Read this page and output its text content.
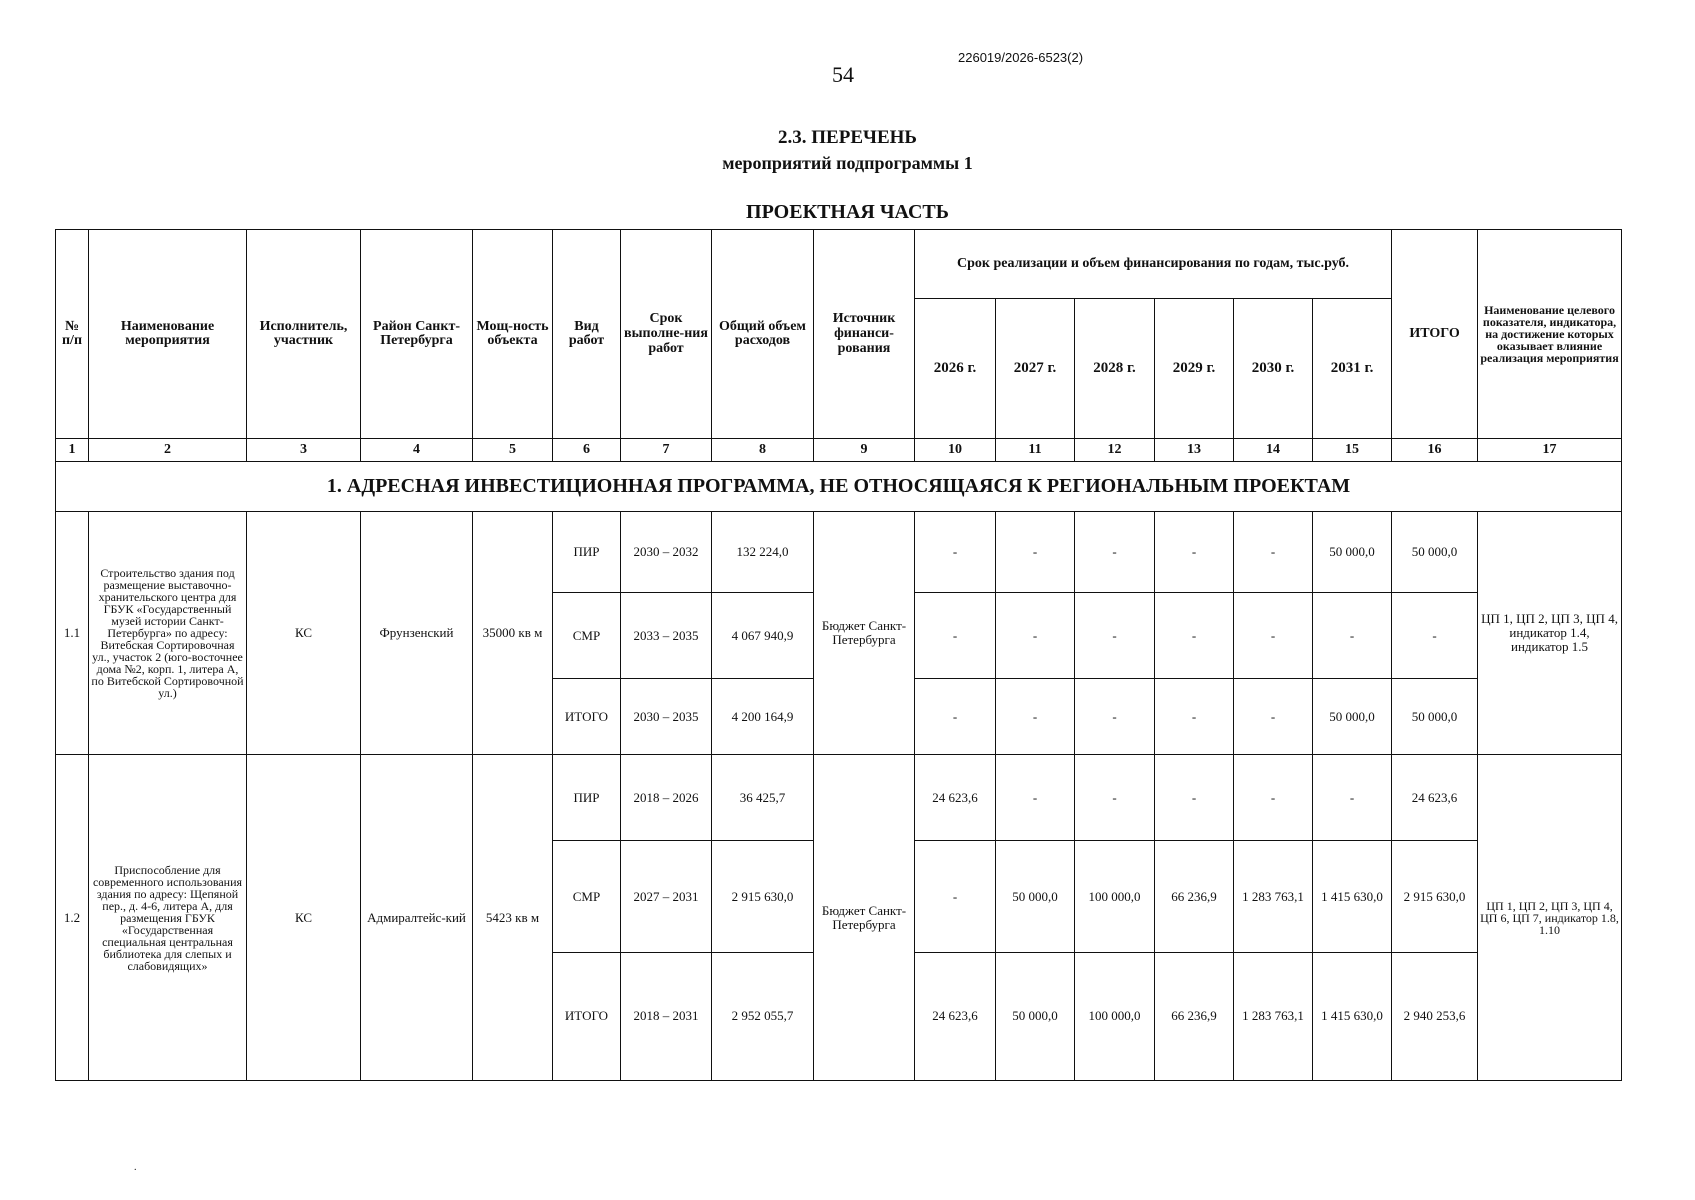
226019/2026-6523(2)
54
2.3. ПЕРЕЧЕНЬ
мероприятий подпрограммы 1
ПРОЕКТНАЯ ЧАСТЬ
№ п/п	Наименование мероприятия	Исполнитель, участник	Район Санкт-Петербурга	Мощ-ность объекта	Вид работ	Срок выполне-ния работ	Общий объем расходов	Источник финанси-рования	Срок реализации и объем финансирования по годам, тыс.руб.						ИТОГО	Наименование целевого показателя, индикатора, на достижение которых оказывает влияние реализация мероприятия
									2026 г.	2027 г.	2028 г.	2029 г.	2030 г.	2031 г.		
1	2	3	4	5	6	7	8	9	10	11	12	13	14	15	16	17
1. АДРЕСНАЯ ИНВЕСТИЦИОННАЯ ПРОГРАММА, НЕ ОТНОСЯЩАЯСЯ К РЕГИОНАЛЬНЫМ ПРОЕКТАМ																
1.1	Строительство здания под размещение выставочно-хранительского центра для ГБУК «Государственный музей истории Санкт-Петербурга» по адресу: Витебская Сортировочная ул., участок 2 (юго-восточнее дома №2, корп. 1, литера А, по Витебской Сортировочной ул.)	КС	Фрунзенский	35000 кв м	ПИР	2030 – 2032	132 224,0	Бюджет Санкт-Петербурга	-	-	-	-	-	50 000,0	50 000,0	ЦП 1, ЦП 2, ЦП 3, ЦП 4, индикатор 1.4, индикатор 1.5
					СМР	2033 – 2035	4 067 940,9		-	-	-	-	-	-	-	
					ИТОГО	2030 – 2035	4 200 164,9		-	-	-	-	-	50 000,0	50 000,0	
1.2	Приспособление для современного использования здания по адресу: Щепяной пер., д. 4-6, литера А, для размещения ГБУК «Государственная специальная центральная библиотека для слепых и слабовидящих»	КС	Адмиралтейс-кий	5423 кв м	ПИР	2018 – 2026	36 425,7	Бюджет Санкт-Петербурга	24 623,6	-	-	-	-	-	24 623,6	ЦП 1, ЦП 2, ЦП 3, ЦП 4, ЦП 6, ЦП 7, индикатор 1.8, 1.10
					СМР	2027 – 2031	2 915 630,0		-	50 000,0	100 000,0	66 236,9	1 283 763,1	1 415 630,0	2 915 630,0	
					ИТОГО	2018 – 2031	2 952 055,7		24 623,6	50 000,0	100 000,0	66 236,9	1 283 763,1	1 415 630,0	2 940 253,6	
.
